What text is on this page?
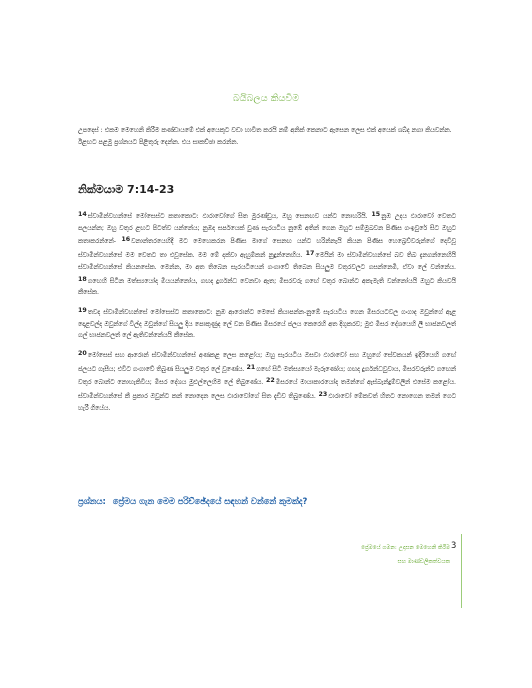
බයිබලය කියවීම
උපදෙස් : එකම මෙහෙනි කිරීම කණ්ඩායමේ එක් අයෙකුට වඩා හාවිත කරයි නම් අනික් කෙනාට ඇසෙන ලෙස එක් අයෙක් ශබ්ද නගා කියවන්න. ඊළඟට පළමු ප්‍රශ්නයට පිළිතුරු දෙන්න. එය සාකච්ඡා කරන්න.
නික්මයාම 7:14-23

14ස්වාමීන්වහන්සේ මෝසෙස්ට කතාකොට: ඵාරාවෝගේ සිත මුරණ්ඩුය, ඔහු සෙනඟව යන්ට නොහරියි. 15නුඹ උදය ඵාරාවෝ වෙතට පලයන්න; ඔහු වතුර ළඟට පිටත්ව යන්නේය; නුඹද සර්පයෙක් වුණ සැරයටිය නුඹේ අතින් ගෙන ඔහුට සම්මුඛවන පිණිස ගංඉවුරේ සිට ඔහුට කතාකරන්නේ- 16වනාන්තරයෙහිදී මට මෙහෙකරන පිණිස මාගේ සෙනඟ යන්ට හරින්නැයි කියන පිණිස හෙබ්‍රෙව්වරුන්ගේ දෙවිවූ ස්වාමීන්වහන්සේ මම වෙතට තා එවූසේක. මම මේ දක්වා ඇහුම්කන් නුදුන්නෙහිය. 17මෙයින් මා ස්වාමීන්වහන්සේ බව තිබ දැනගන්නෙහියි ස්වාමීන්වහන්සේ කියනසේක. මෙන්න, මා අත තිබෙන සැරයටියෙන් ගංගාවේ තිබෙන සියලුම වතුරවලට ගසන්නෙමි, ඒවා ලේ වන්නේය. 18ගඟෙහි සිටින මත්ස්‍යයෝද මියයන්නෝය, ගඟද දුර්ගන්ධ වෙනවා ඇත; මිසරවරු ගඟේ වතුර බොන්ට අකැමැති වන්නෝයයි ඔහුට කියවයි කීසේක.

19තවද ස්වාමීන්වහන්සේ මෝසෙස්ට කතාකොට: නුඹ ආරොන්ට මෙසේ කියාපන්න-නුඹේ සැරයටිය ගෙන මිසරයටවල ගංගාද ඔවුන්ගේ ඇළ දොළවල්ද ඔවුන්ගේ විල්ද ඔවුන්ගේ සියලු දිය පොකුණුද ලේ වන පිණිස මිසරයේ ජලය කෙරෙහි අත දිගුකරව; මුළු මිසර දේශයෙහි ලී භාජනවලත් ගල් භාජනවලත් ලේ ඇතිවන්නේයයි කීසේක.

20මෝසෙස් සහ ආරොන් ස්වාමීන්වහන්සේ අණකළ ලෙස කළෝය; ඔහු සැරයටිය ඔසවා ඵාරාවෝ සහ ඔහුගේ සේවකයන් ඉදිරියෙහි ගඟේ ජලයට ගැසීය; එවිට ගංගාවේ තිබුණ සියලුම වතුර ලේ වූණේය. 21ගඟේ සිටි මත්ස්‍යයෝ මැරුණෝය; ගඟද දුර්ගන්ධවුවාය, මිසරවරුන්ට ගඟෙන් වතුර බොන්ට නොහැකිවිය; මිසර දේශය මුළුල්ලෙහිම ලේ තිබුණේය. 22මිසරයේ මායාකාරයෝද තමන්ගේ ඇස්බැන්දුම්වලින් එසේම කළෝය. ස්වාමීන්වහන්සේ කී ප්‍රකාර ඔවුන්ට කන් නොදෙන ලෙස ඵාරාවෝගේ සිත දැඩිව තිබුණේය. 23ඵාරාවෝ මේකවත් හිතට නොගෙන තමන් ගෙට හැරී ගියේය.

ප්‍රශ්නය: ප්‍රේමය ගැන මෙම පරිච්ඡේදයේ සඳහන් වන්නේ කුමක්ද?
ප්‍රේමයේ ගමන: උදාසන මෙහෙනි කිරීම
සහ මාණ්ඩලිකත්වයක
3
